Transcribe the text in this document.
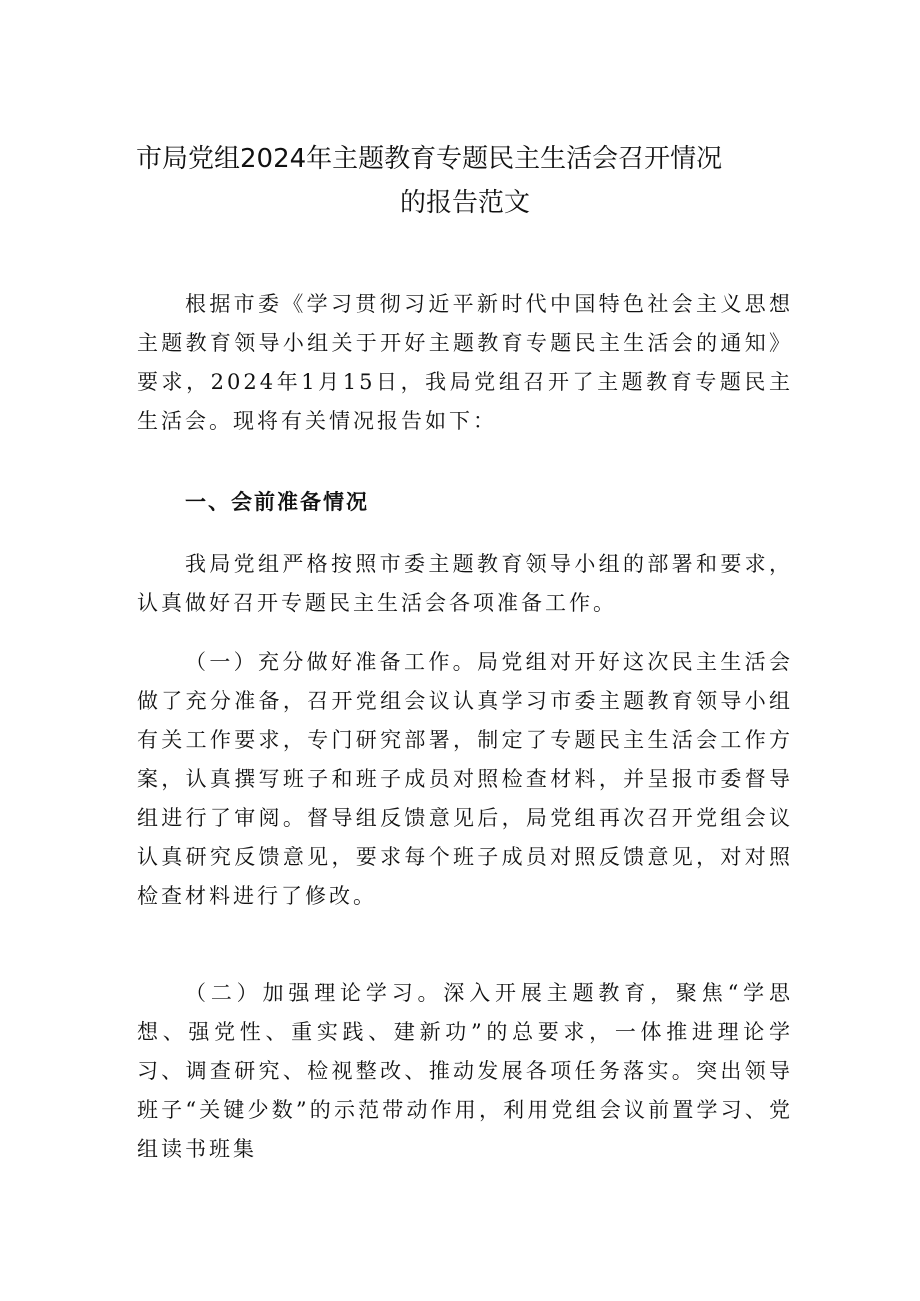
市局党组2024年主题教育专题民主生活会召开情况
的报告范文

根据市委《学习贯彻习近平新时代中国特色社会主义思想主题教育领导小组关于开好主题教育专题民主生活会的通知》要求，2024年1月15日，我局党组召开了主题教育专题民主生活会。现将有关情况报告如下：

一、会前准备情况

我局党组严格按照市委主题教育领导小组的部署和要求，认真做好召开专题民主生活会各项准备工作。

（一）充分做好准备工作。局党组对开好这次民主生活会做了充分准备，召开党组会议认真学习市委主题教育领导小组有关工作要求，专门研究部署，制定了专题民主生活会工作方案，认真撰写班子和班子成员对照检查材料，并呈报市委督导组进行了审阅。督导组反馈意见后，局党组再次召开党组会议认真研究反馈意见，要求每个班子成员对照反馈意见，对对照检查材料进行了修改。

（二）加强理论学习。深入开展主题教育，聚焦“学思想、强党性、重实践、建新功”的总要求，一体推进理论学习、调查研究、检视整改、推动发展各项任务落实。突出领导班子“关键少数”的示范带动作用，利用党组会议前置学习、党组读书班集
